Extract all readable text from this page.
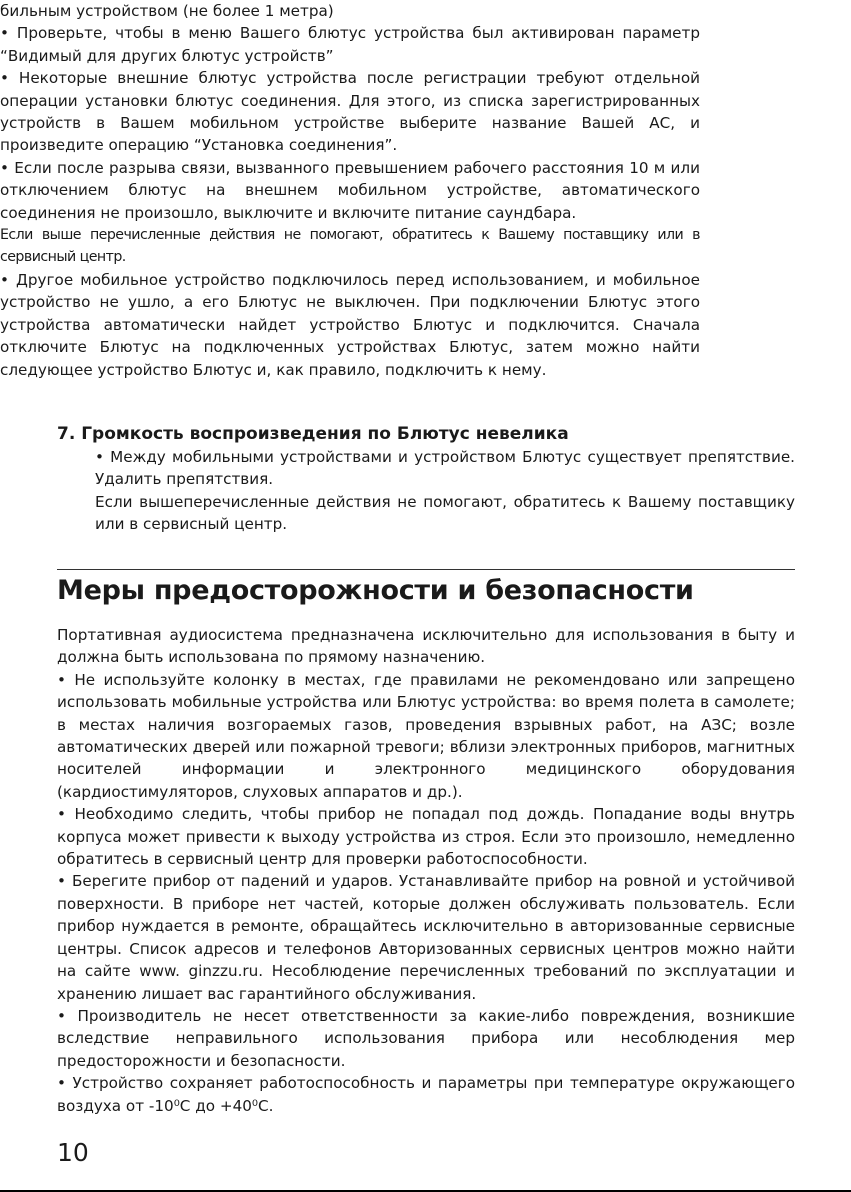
бильным устройством (не более 1 метра)

• Проверьте, чтобы в меню Вашего блютус устройства был активирован параметр “Видимый для других блютус устройств”

• Некоторые внешние блютус устройства после регистрации требуют отдельной операции установки блютус соединения. Для этого, из списка зарегистрированных устройств в Вашем мобильном устройстве выберите название Вашей АС, и произведите операцию “Установка соединения”.

• Если после разрыва связи, вызванного превышением рабочего расстояния 10 м или отключением блютус на внешнем мобильном устройстве, автоматического соединения не произошло, выключите и включите питание саундбара.

Если выше перечисленные действия не помогают, обратитесь к Вашему поставщику или в сервисный центр.

• Другое мобильное устройство подключилось перед использованием, и мобильное устройство не ушло, а его Блютус не выключен. При подключении Блютус этого устройства автоматически найдет устройство Блютус и подключится. Сначала отключите Блютус на подключенных устройствах Блютус, затем можно найти следующее устройство Блютус и, как правило, подключить к нему.

7. Громкость воспроизведения по Блютус невелика

• Между мобильными устройствами и устройством Блютус существует препятствие. Удалить препятствия.

Если вышеперечисленные действия не помогают, обратитесь к Вашему поставщику или в сервисный центр.

Меры предосторожности и безопасности

Портативная аудиосистема предназначена исключительно для использования в быту и должна быть использована по прямому назначению.

• Не используйте колонку в местах, где правилами не рекомендовано или запрещено использовать мобильные устройства или Блютус устройства: во время полета в самолете; в местах наличия возгораемых газов, проведения взрывных работ, на АЗС; возле автоматических дверей или пожарной тревоги; вблизи электронных приборов, магнитных носителей информации и электронного медицинского оборудования (кардиостимуляторов, слуховых аппаратов и др.).

• Необходимо следить, чтобы прибор не попадал под дождь. Попадание воды внутрь корпуса может привести к выходу устройства из строя. Если это произошло, немедленно обратитесь в сервисный центр для проверки работоспособности.

• Берегите прибор от падений и ударов. Устанавливайте прибор на ровной и устойчивой поверхности. В приборе нет частей, которые должен обслуживать пользователь. Если прибор нуждается в ремонте, обращайтесь исключительно в авторизованные сервисные центры. Список адресов и телефонов Авторизованных сервисных центров можно найти на сайте www. ginzzu.ru. Несоблюдение перечисленных требований по эксплуатации и хранению лишает вас гарантийного обслуживания.

• Производитель не несет ответственности за какие-либо повреждения, возникшие вследствие неправильного использования прибора или несоблюдения мер предосторожности и безопасности.

• Устройство сохраняет работоспособность и параметры при температуре окружающего воздуха от -10⁰С до +40⁰С.

10
